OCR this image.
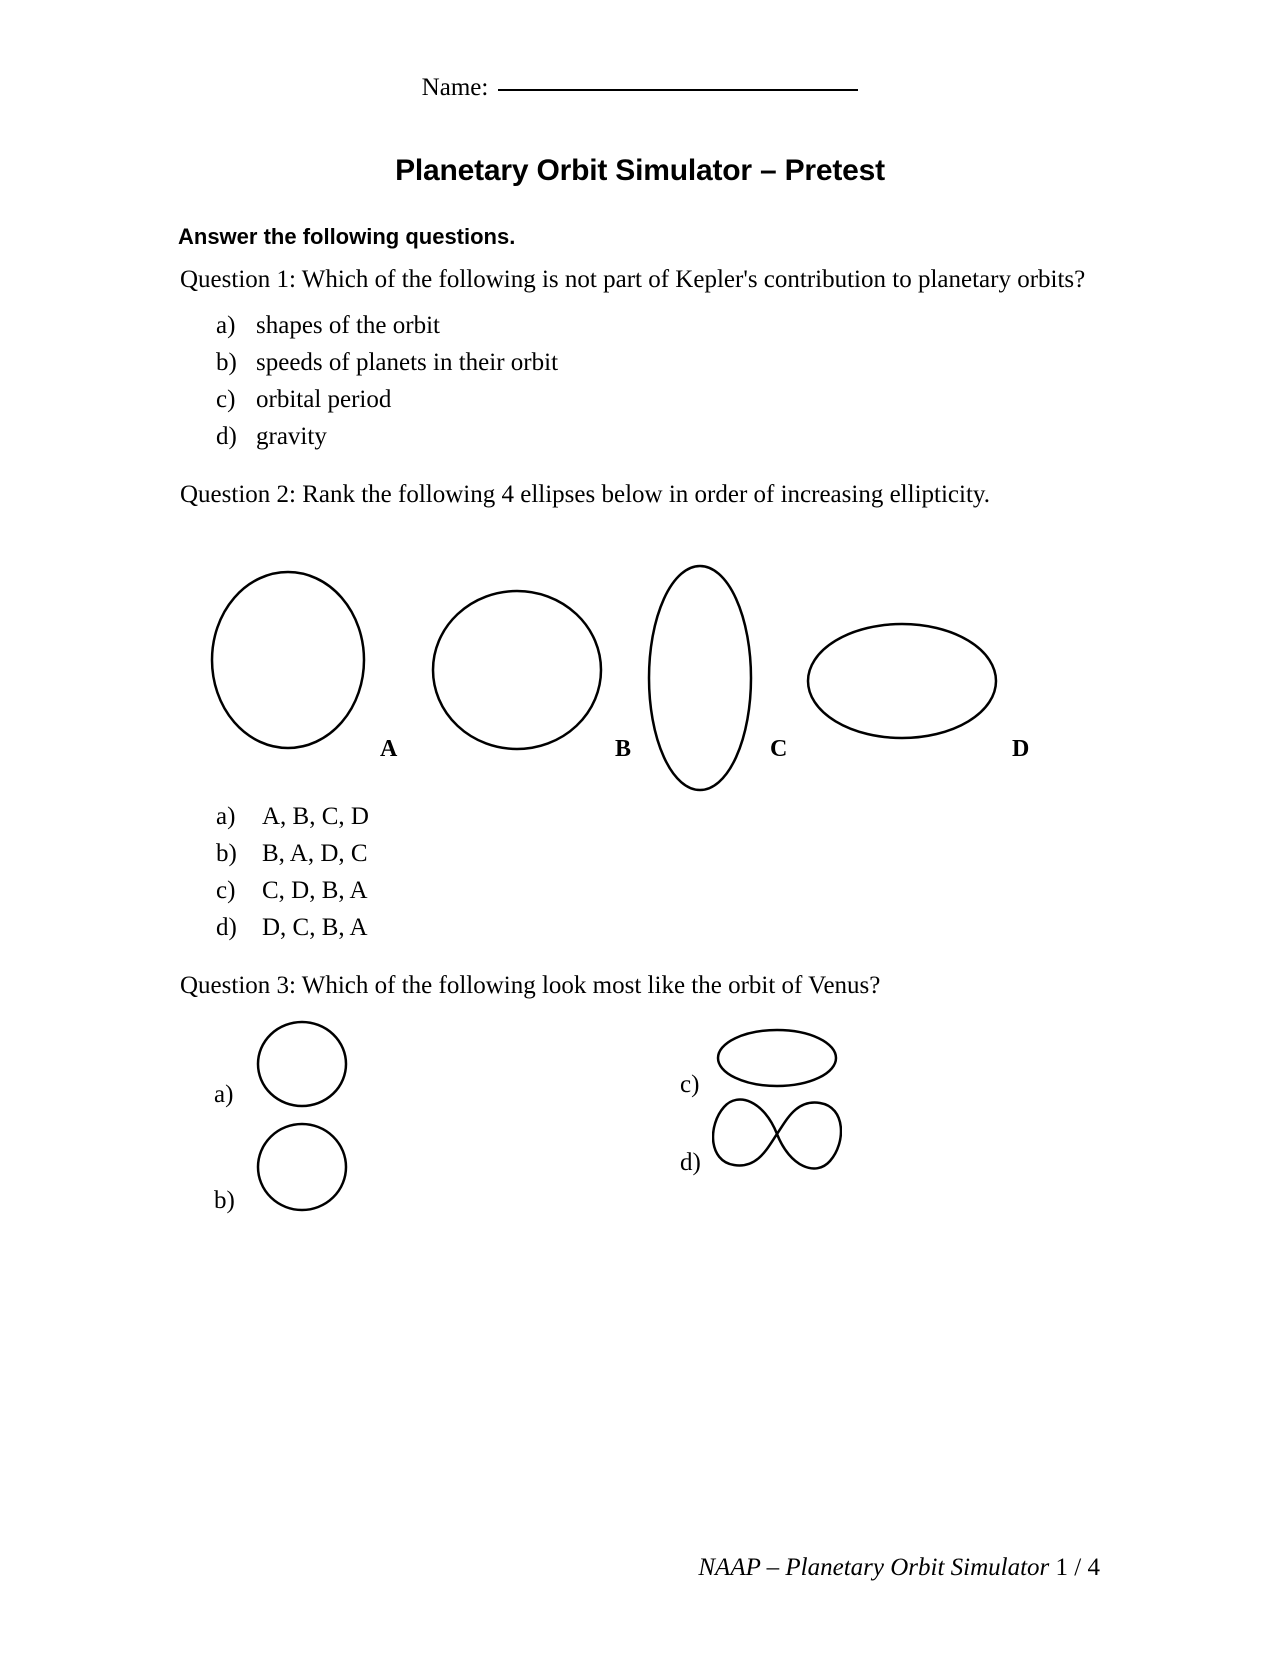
Name:
Planetary Orbit Simulator – Pretest
Answer the following questions.
Question 1: Which of the following is not part of Kepler's contribution to planetary orbits?
a) shapes of the orbit
b) speeds of planets in their orbit
c) orbital period
d) gravity
Question 2: Rank the following 4 ellipses below in order of increasing ellipticity.
A	B	C	D
a)	A, B, C, D
b)	B, A, D, C
c)	C, D, B, A
d)	D, C, B, A
Question 3: Which of the following look most like the orbit of Venus?
a)
b)
c)
d)
NAAP – Planetary Orbit Simulator 1 / 4
